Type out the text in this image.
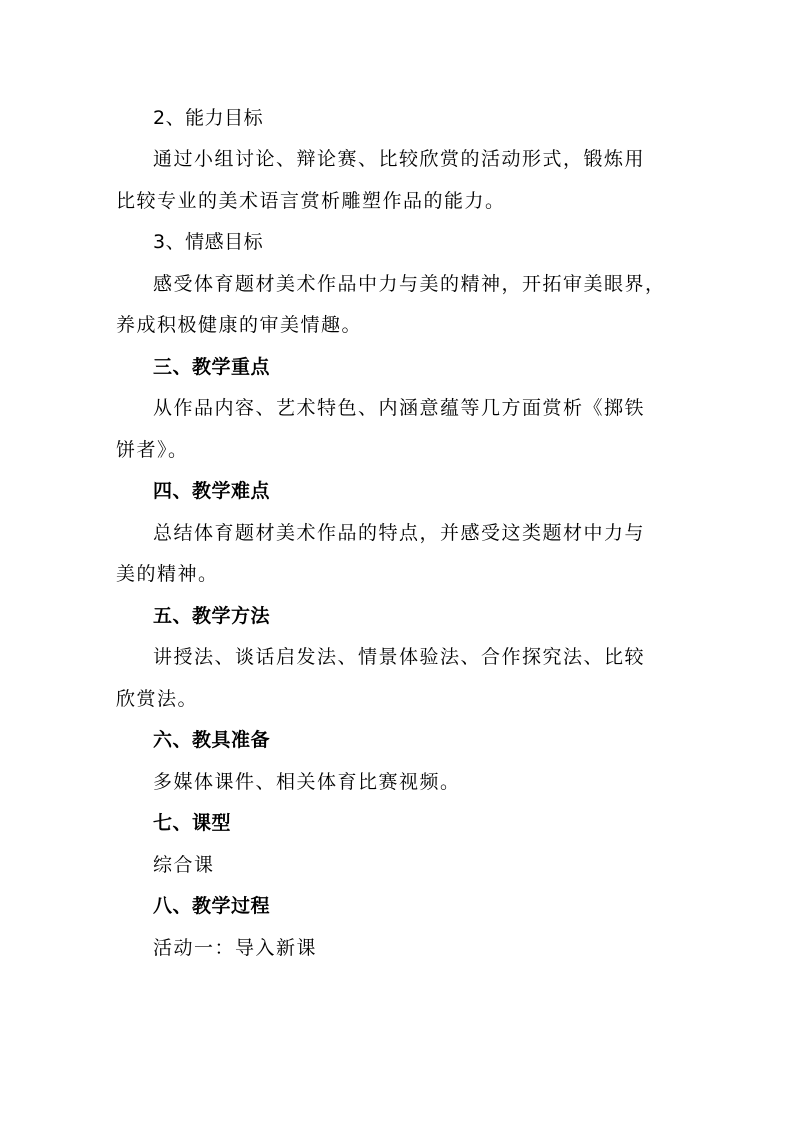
2、能力目标
通过小组讨论、辩论赛、比较欣赏的活动形式，锻炼用
比较专业的美术语言赏析雕塑作品的能力。
3、情感目标
感受体育题材美术作品中力与美的精神，开拓审美眼界，
养成积极健康的审美情趣。
三、教学重点
从作品内容、艺术特色、内涵意蕴等几方面赏析《掷铁
饼者》。
四、教学难点
总结体育题材美术作品的特点，并感受这类题材中力与
美的精神。
五、教学方法
讲授法、谈话启发法、情景体验法、合作探究法、比较
欣赏法。
六、教具准备
多媒体课件、相关体育比赛视频。
七、课型
综合课
八、教学过程
活动一：导入新课
